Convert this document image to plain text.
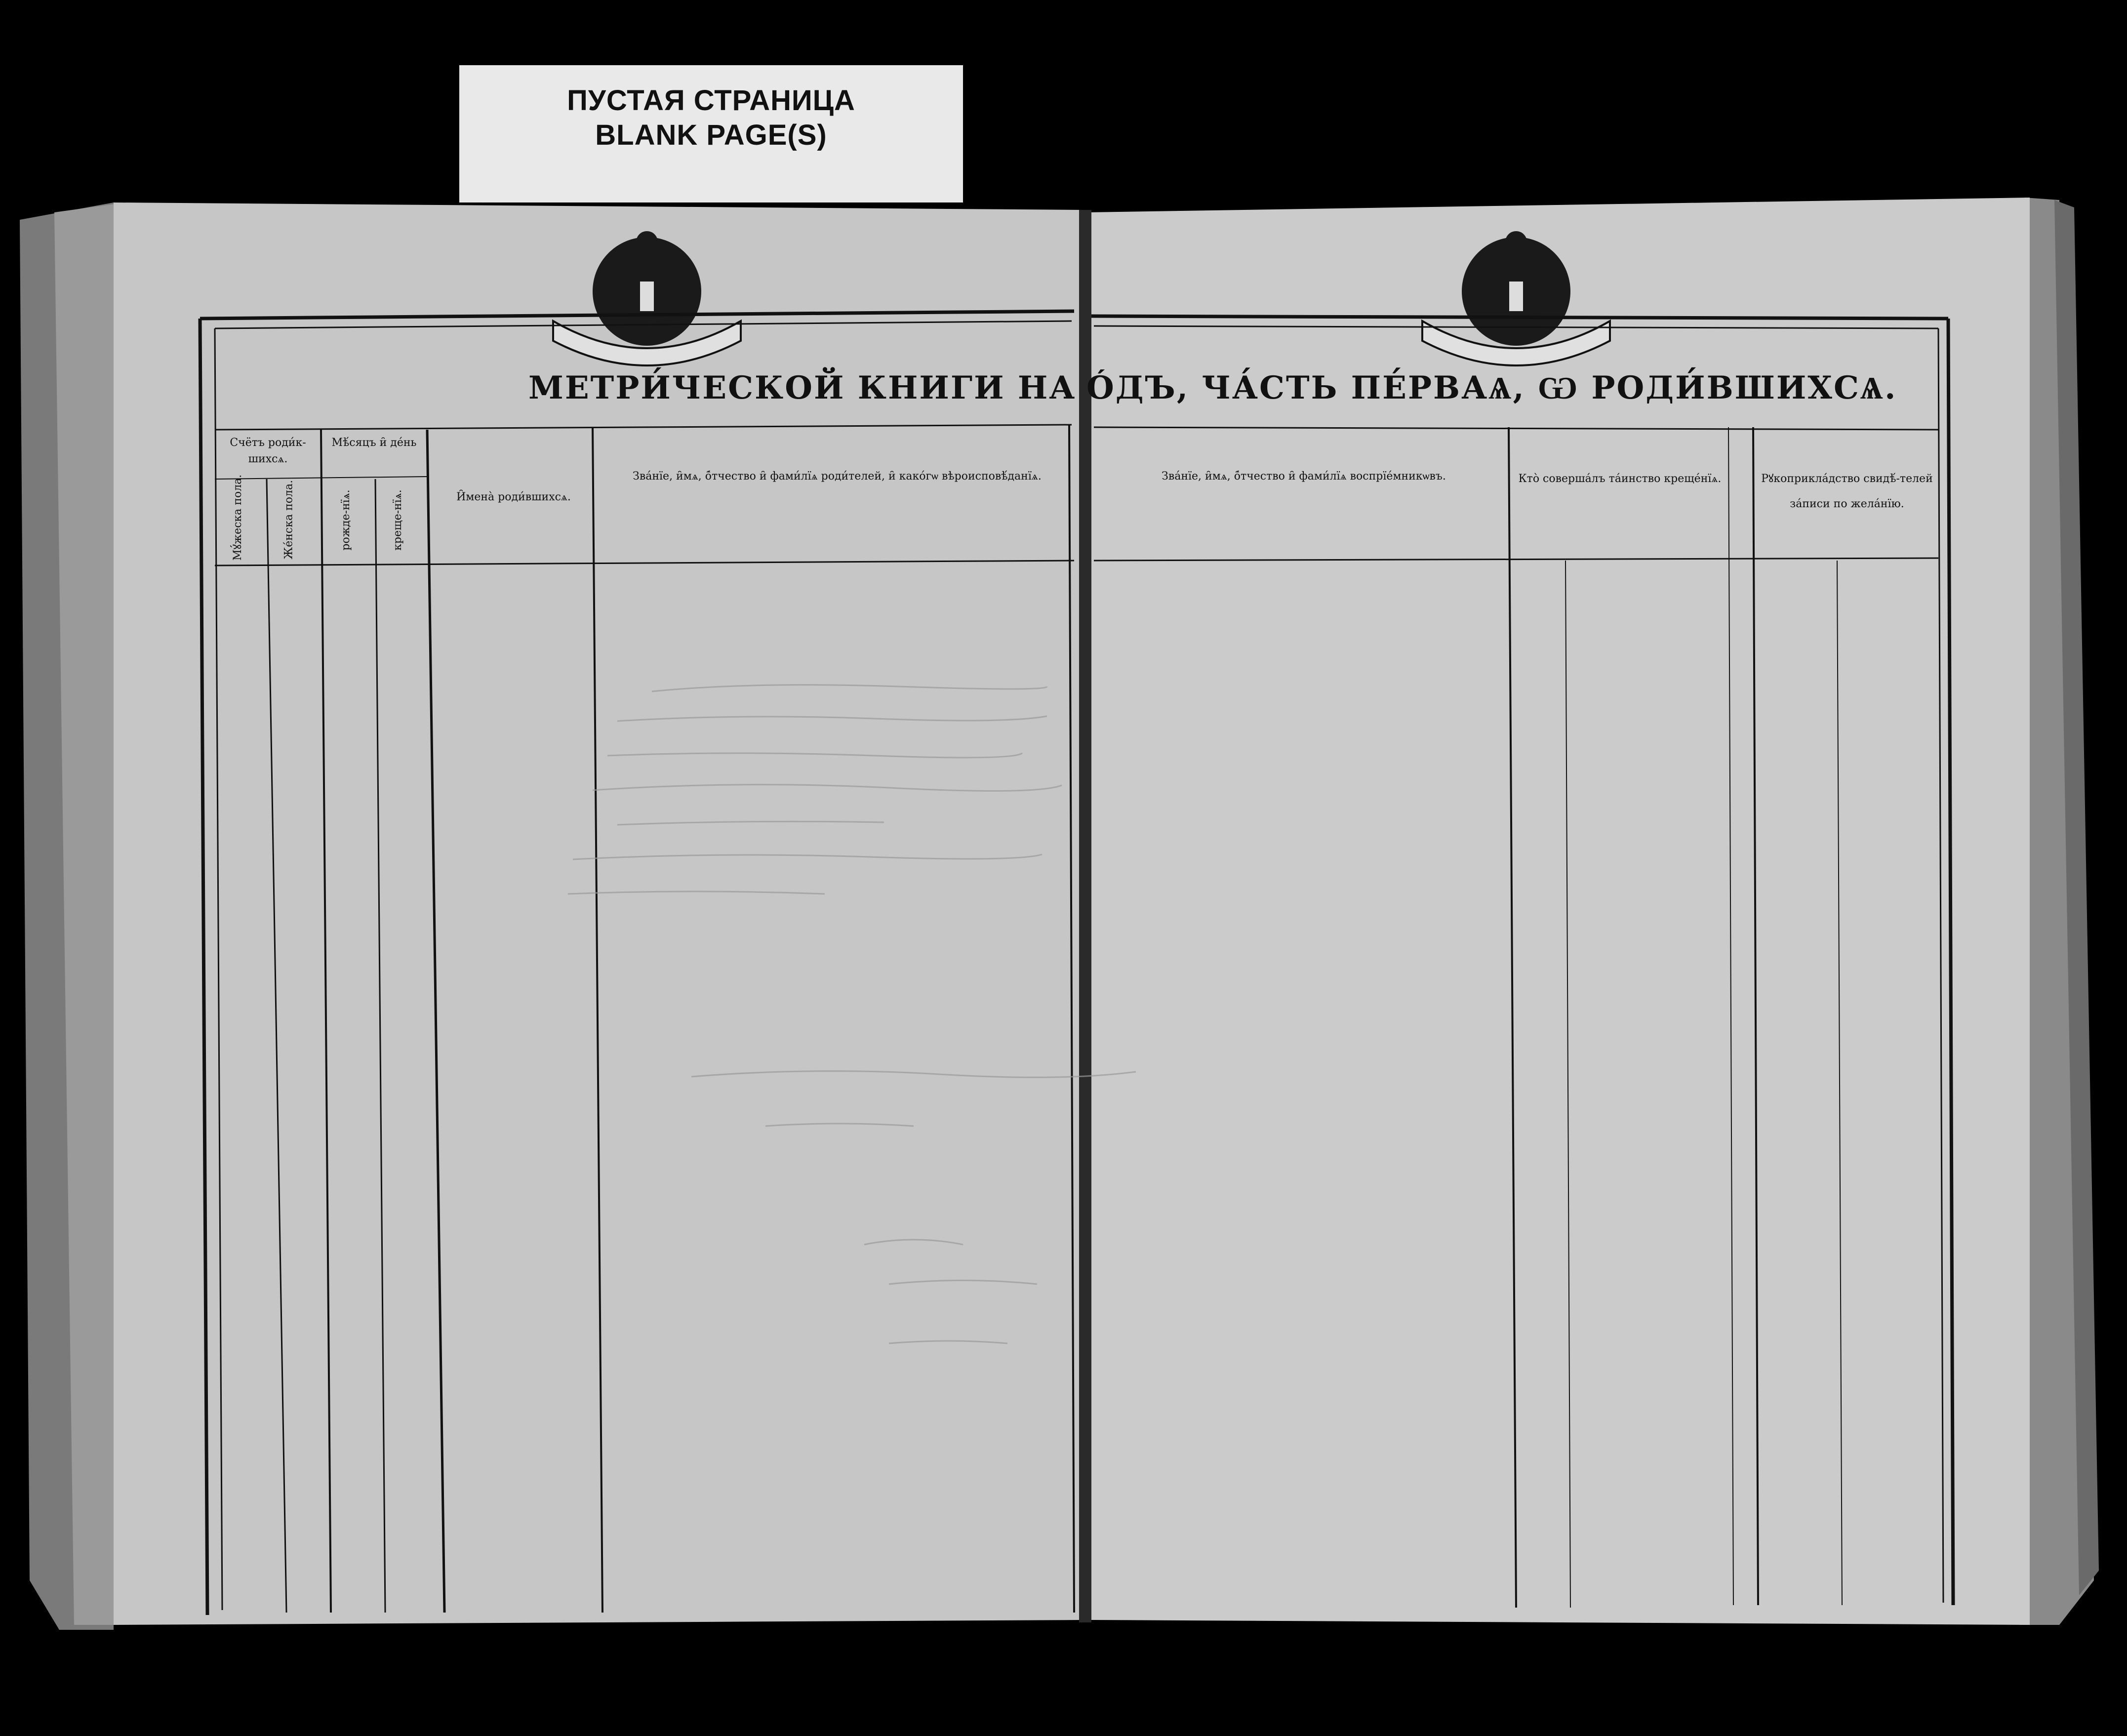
ПУСТАЯ СТРАНИЦА
BLANK PAGE(S)
МЕТРИ́ЧЕСКОЙ КНИГИ НА ÓДЪ, ЧА́СТЬ ПЕ́РВАѦ, Ѡ РОДИ́ВШИХСѦ.
Счётъ роди́к-шихсѧ.
Мꙋ́жеска пола.	Же́нска пола.
Мѣ́сяцъ и̑ де́нь
рожде-нїѧ.	креще-нїѧ.	И̑мена̀ роди́вшихсѧ.
Зва́нїе, и̑мѧ, о̑́тчество и̑ фами́лїѧ роди́телей, и̑ како́гѡ вѣроисповѣ́данїѧ.	Зва́нїе, и̑мѧ, о̑́тчество и̑ фами́лїѧ воспрїе́мникѡвъ.	Кто̀ соверша́лъ та́инство креще́нїѧ.	Рꙋкоприкла́дство свидѣ́-телей за́писи по жела́нїю.
